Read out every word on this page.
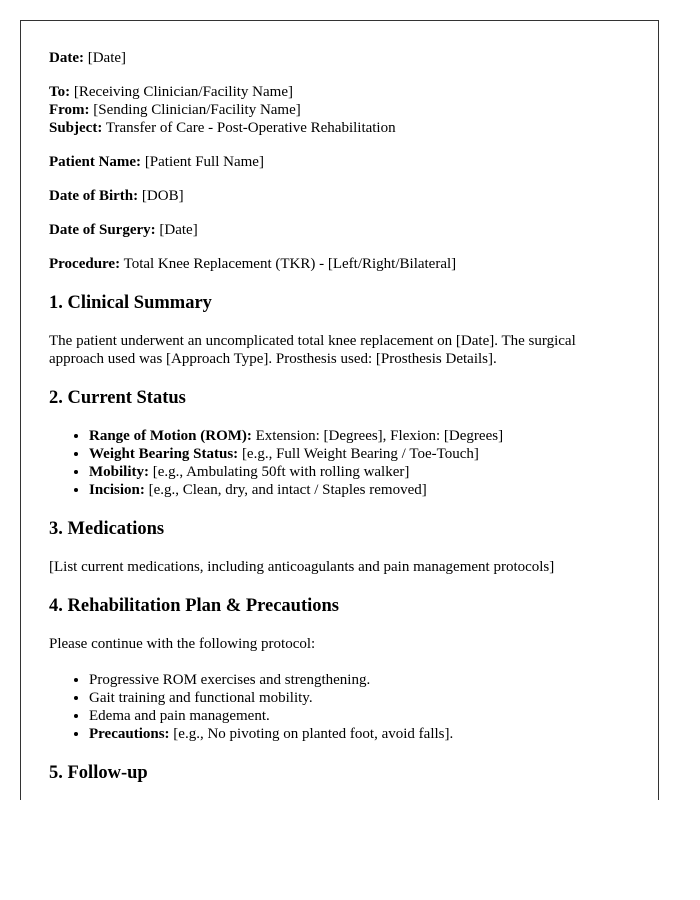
Date: [Date]

To: [Receiving Clinician/Facility Name]
From: [Sending Clinician/Facility Name]
Subject: Transfer of Care - Post-Operative Rehabilitation

Patient Name: [Patient Full Name]

Date of Birth: [DOB]

Date of Surgery: [Date]

Procedure: Total Knee Replacement (TKR) - [Left/Right/Bilateral]

1. Clinical Summary

The patient underwent an uncomplicated total knee replacement on [Date]. The surgical approach used was [Approach Type]. Prosthesis used: [Prosthesis Details].

2. Current Status
• Range of Motion (ROM): Extension: [Degrees], Flexion: [Degrees]
• Weight Bearing Status: [e.g., Full Weight Bearing / Toe-Touch]
• Mobility: [e.g., Ambulating 50ft with rolling walker]
• Incision: [e.g., Clean, dry, and intact / Staples removed]
3. Medications

[List current medications, including anticoagulants and pain management protocols]

4. Rehabilitation Plan & Precautions

Please continue with the following protocol:

• Progressive ROM exercises and strengthening.
• Gait training and functional mobility.
• Edema and pain management.
• Precautions: [e.g., No pivoting on planted foot, avoid falls].
5. Follow-up
